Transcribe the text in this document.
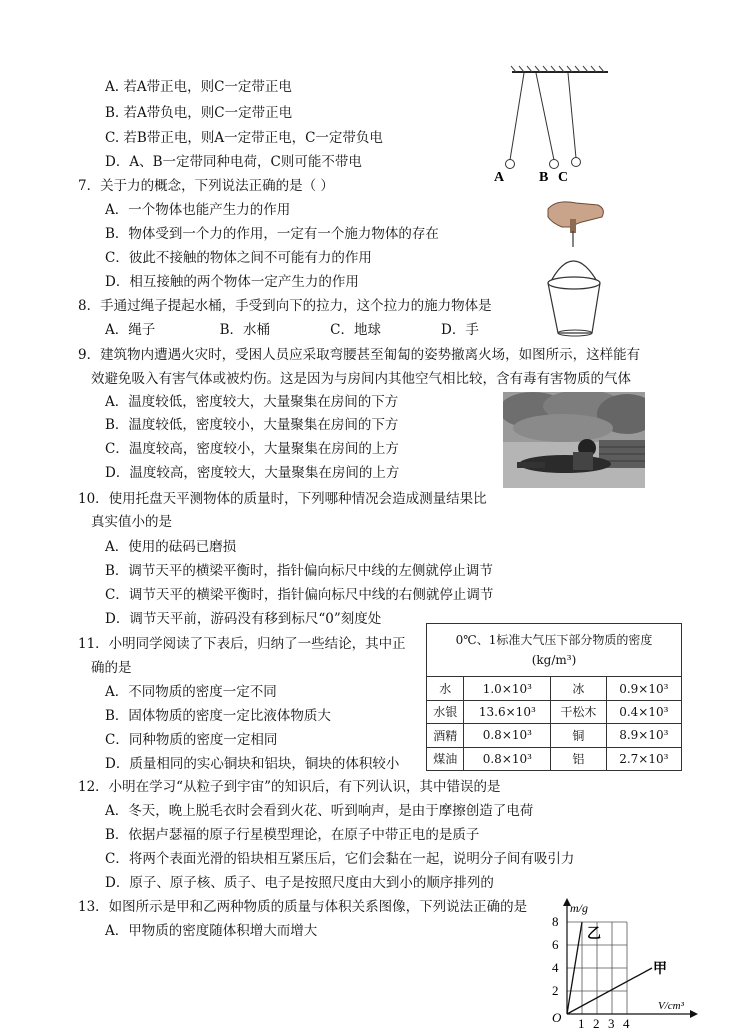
A. 若A带正电，则C一定带正电
B. 若A带负电，则C一定带正电
C. 若B带正电，则A一定带正电，C一定带负电
D．A、B一定带同种电荷，C则可能不带电
7．关于力的概念，下列说法正确的是（ ）
A．一个物体也能产生力的作用
B．物体受到一个力的作用，一定有一个施力物体的存在
C．彼此不接触的物体之间不可能有力的作用
D．相互接触的两个物体一定产生力的作用
8．手通过绳子提起水桶，手受到向下的拉力，这个拉力的施力物体是
A．绳子               B．水桶              C．地球              D．手
9．建筑物内遭遇火灾时，受困人员应采取弯腰甚至匍匐的姿势撤离火场，如图所示，这样能有
效避免吸入有害气体或被灼伤。这是因为与房间内其他空气相比较，含有毒有害物质的气体
A．温度较低，密度较大，大量聚集在房间的下方
B．温度较低，密度较小，大量聚集在房间的下方
C．温度较高，密度较小，大量聚集在房间的上方
D．温度较高，密度较大，大量聚集在房间的上方
10．使用托盘天平测物体的质量时，下列哪种情况会造成测量结果比
真实值小的是
A．使用的砝码已磨损
B．调节天平的横梁平衡时，指针偏向标尺中线的左侧就停止调节
C．调节天平的横梁平衡时，指针偏向标尺中线的右侧就停止调节
D．调节天平前，游码没有移到标尺“0”刻度处
11．小明同学阅读了下表后，归纳了一些结论，其中正
确的是
A．不同物质的密度一定不同
B．固体物质的密度一定比液体物质大
C．同种物质的密度一定相同
D．质量相同的实心铜块和铝块，铜块的体积较小
12．小明在学习“从粒子到宇宙”的知识后，有下列认识，其中错误的是
A．冬天，晚上脱毛衣时会看到火花、听到响声，是由于摩擦创造了电荷
B．依据卢瑟福的原子行星模型理论，在原子中带正电的是质子
C．将两个表面光滑的铅块相互紧压后，它们会黏在一起，说明分子间有吸引力
D．原子、原子核、质子、电子是按照尺度由大到小的顺序排列的
13．如图所示是甲和乙两种物质的质量与体积关系图像，下列说法正确的是
A．甲物质的密度随体积增大而增大
A B C
0℃、1标准大气压下部分物质的密度
(kg/m³)			

水	1.0×10³	冰	0.9×10³
水银	13.6×10³	干松木	0.4×10³
酒精	0.8×10³	铜	8.9×10³
煤油	0.8×10³	铝	2.7×10³
m/g
V/cm³
O
8
6
4
2
1 2 3 4
乙
甲
